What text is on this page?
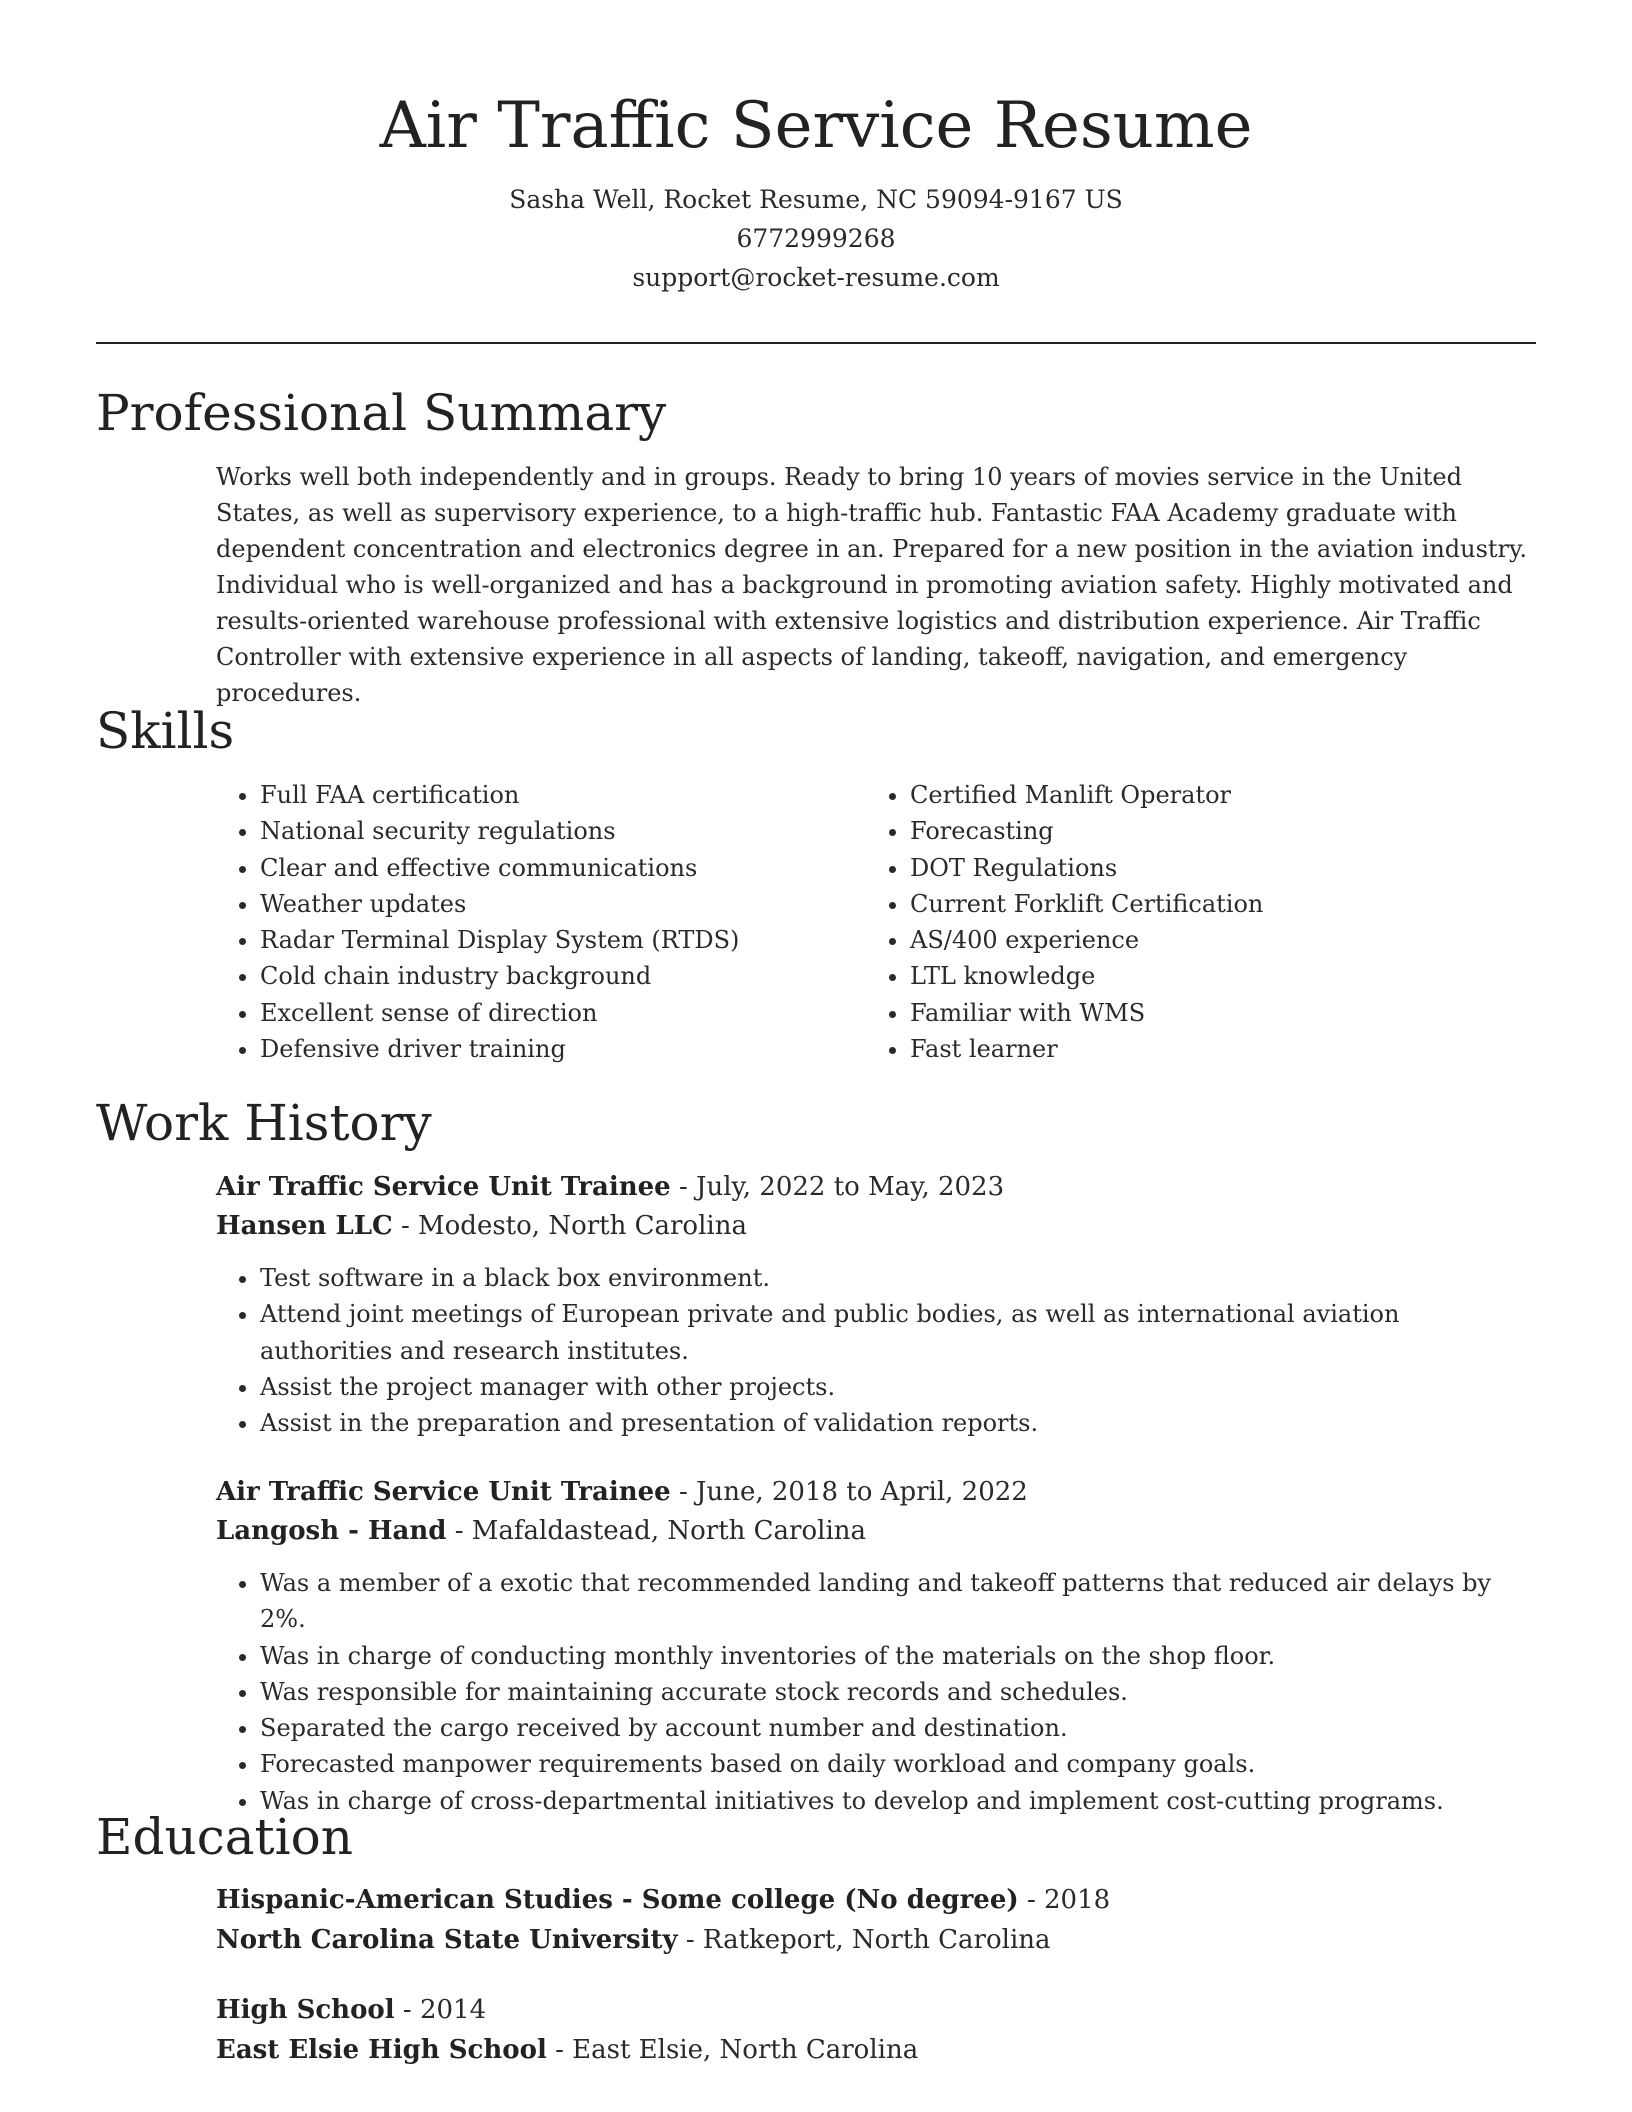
Air Traffic Service Resume
Sasha Well, Rocket Resume, NC 59094-9167 US
6772999268
support@rocket-resume.com
Professional Summary

Works well both independently and in groups. Ready to bring 10 years of movies service in the United States, as well as supervisory experience, to a high-traffic hub. Fantastic FAA Academy graduate with dependent concentration and electronics degree in an. Prepared for a new position in the aviation industry. Individual who is well-organized and has a background in promoting aviation safety. Highly motivated and results-oriented warehouse professional with extensive logistics and distribution experience. Air Traffic Controller with extensive experience in all aspects of landing, takeoff, navigation, and emergency procedures.

Skills
• Full FAA certification
• National security regulations
• Clear and effective communications
• Weather updates
• Radar Terminal Display System (RTDS)
• Cold chain industry background
• Excellent sense of direction
• Defensive driver training
• Certified Manlift Operator
• Forecasting
• DOT Regulations
• Current Forklift Certification
• AS/400 experience
• LTL knowledge
• Familiar with WMS
• Fast learner
Work History
Air Traffic Service Unit Trainee - July, 2022 to May, 2023
Hansen LLC - Modesto, North Carolina
• Test software in a black box environment.
• Attend joint meetings of European private and public bodies, as well as international aviation authorities and research institutes.
• Assist the project manager with other projects.
• Assist in the preparation and presentation of validation reports.
Air Traffic Service Unit Trainee - June, 2018 to April, 2022
Langosh - Hand - Mafaldastead, North Carolina
• Was a member of a exotic that recommended landing and takeoff patterns that reduced air delays by 2%.
• Was in charge of conducting monthly inventories of the materials on the shop floor.
• Was responsible for maintaining accurate stock records and schedules.
• Separated the cargo received by account number and destination.
• Forecasted manpower requirements based on daily workload and company goals.
• Was in charge of cross-departmental initiatives to develop and implement cost-cutting programs.
Education
Hispanic-American Studies - Some college (No degree) - 2018
North Carolina State University - Ratkeport, North Carolina
High School - 2014
East Elsie High School - East Elsie, North Carolina
